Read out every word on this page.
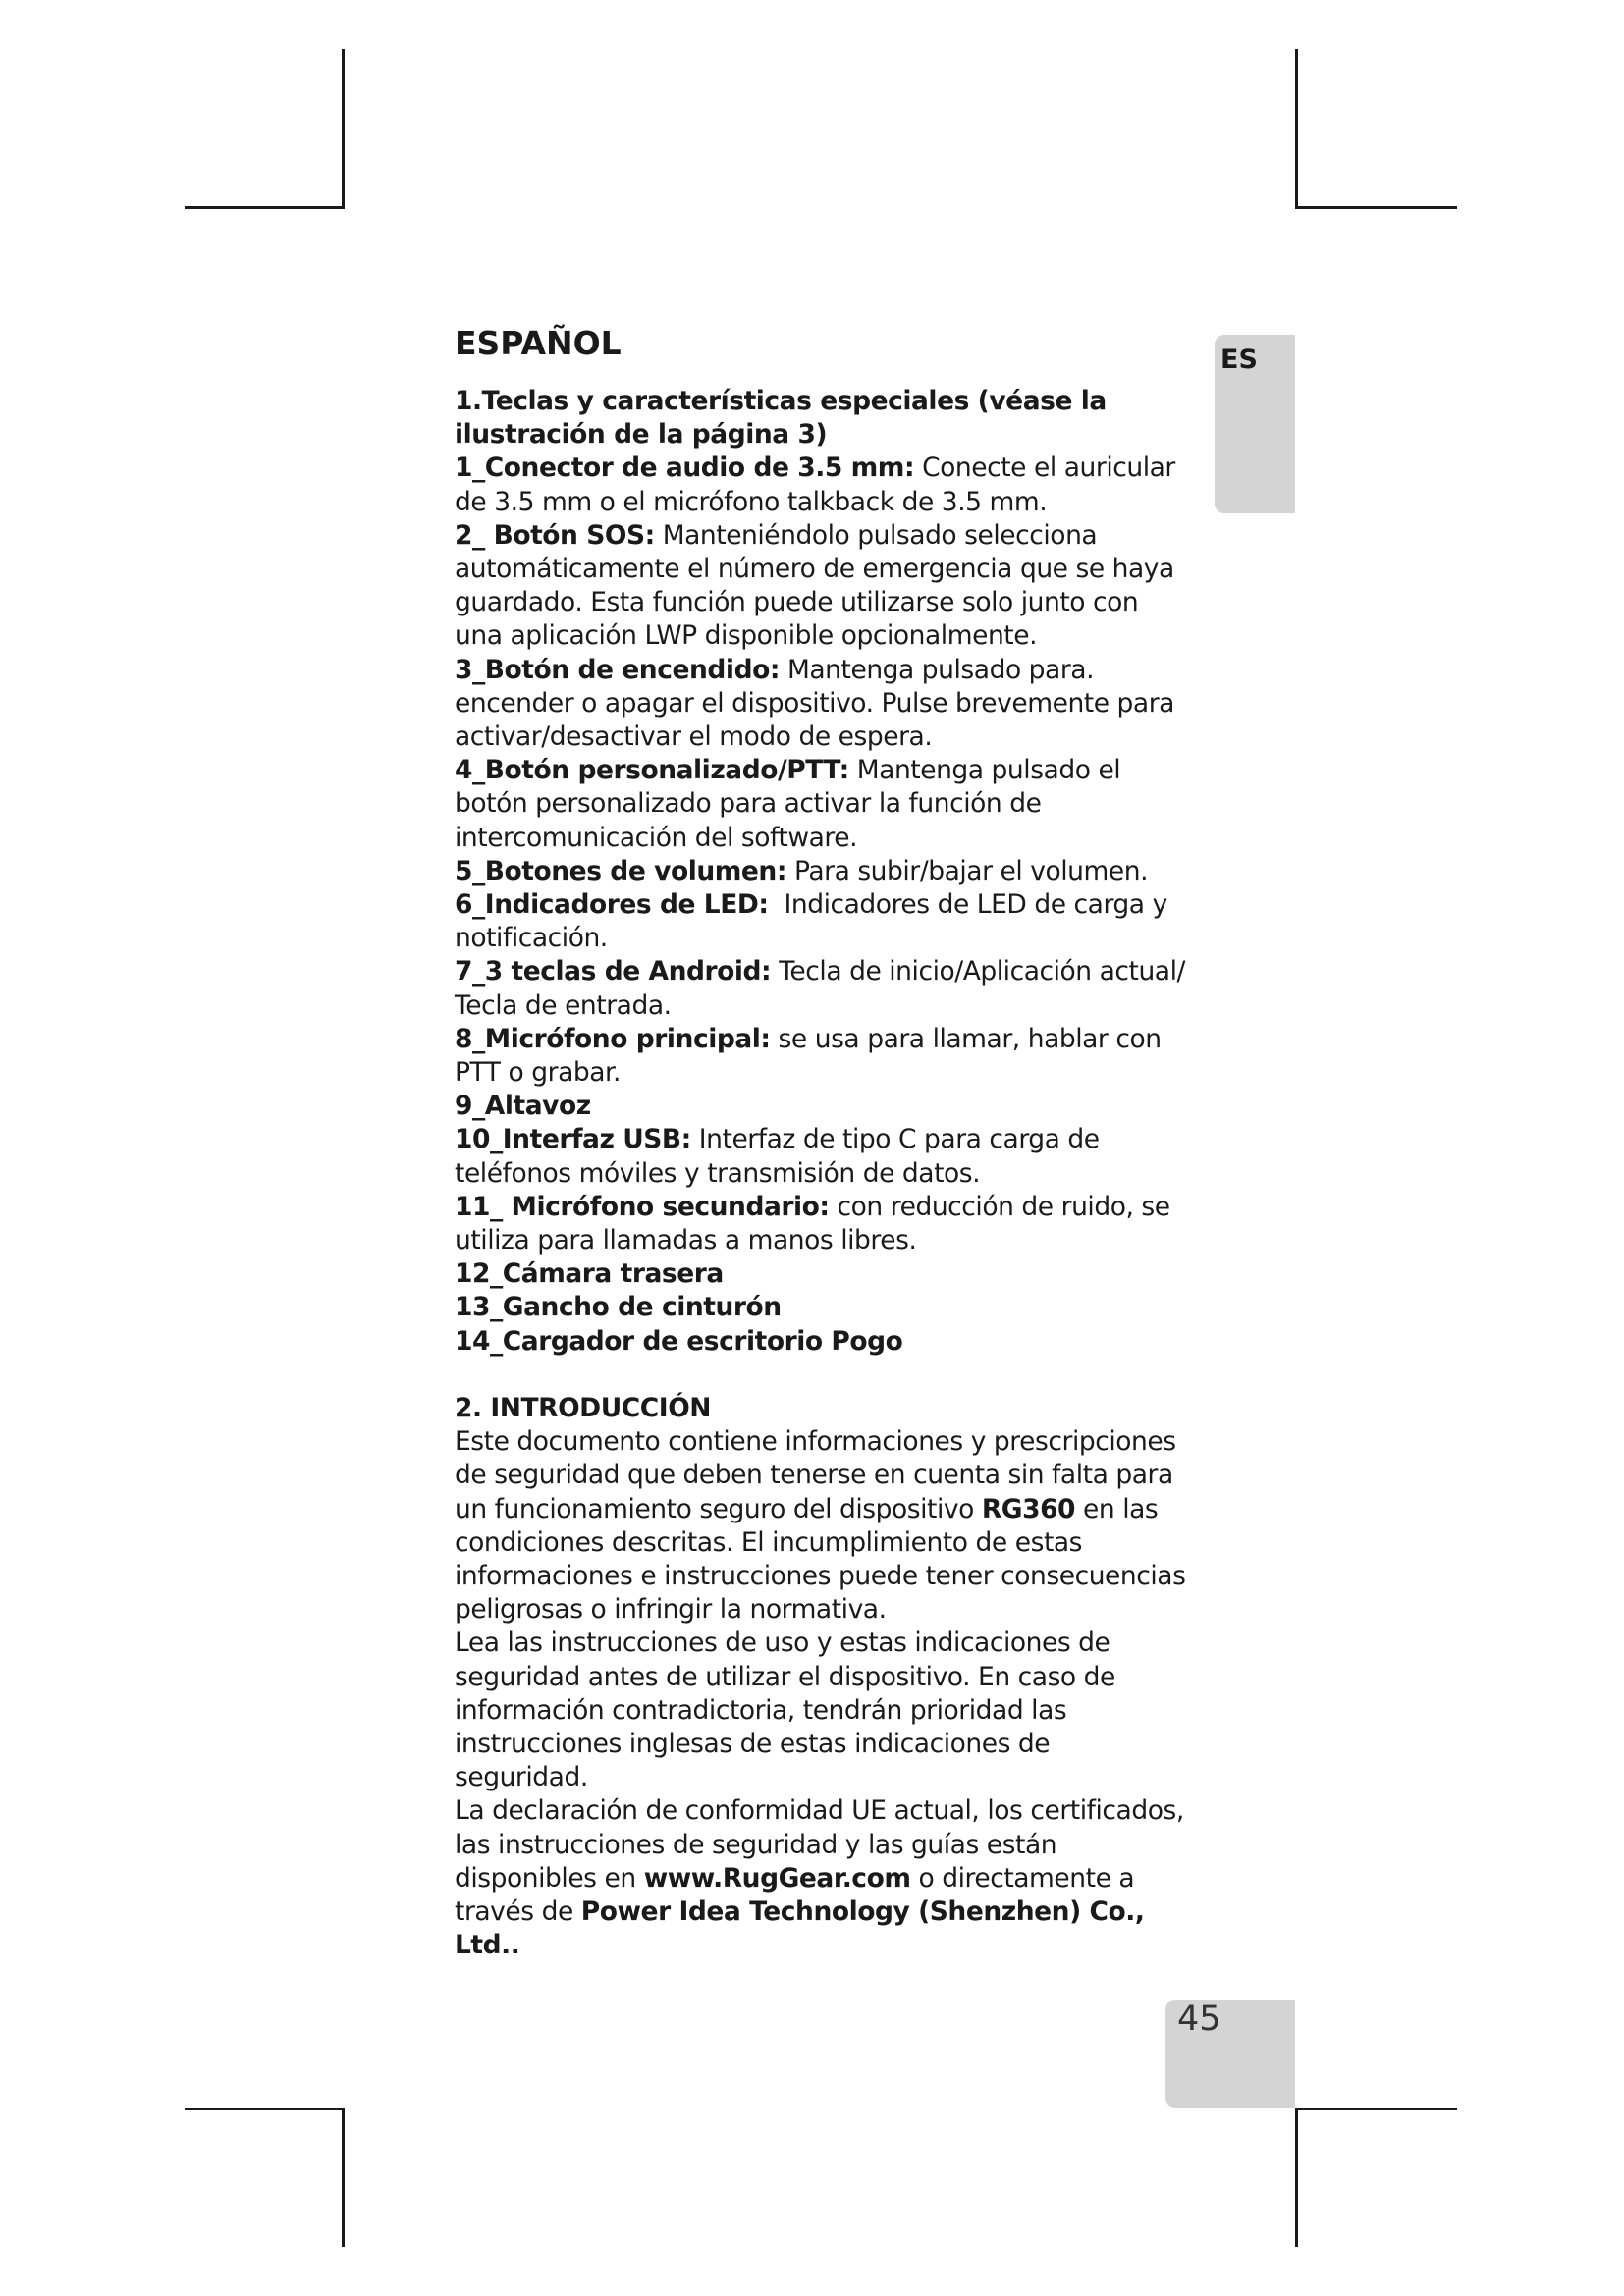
ES
45

ESPAÑOL

1.Teclas y características especiales (véase la ilustración de la página 3)

1_Conector de audio de 3.5 mm: Conecte el auricular de 3.5 mm o el micrófono talkback de 3.5 mm.

2_ Botón SOS: Manteniéndolo pulsado selecciona automáticamente el número de emergencia que se haya guardado. Esta función puede utilizarse solo junto con una aplicación LWP disponible opcionalmente.

3_Botón de encendido: Mantenga pulsado para. encender o apagar el dispositivo. Pulse brevemente para activar/desactivar el modo de espera.

4_Botón personalizado/PTT: Mantenga pulsado el botón personalizado para activar la función de intercomunicación del software.

5_Botones de volumen: Para subir/bajar el volumen.

6_Indicadores de LED:  Indicadores de LED de carga y notificación.

7_3 teclas de Android: Tecla de inicio/Aplicación actual/ Tecla de entrada.

8_Micrófono principal: se usa para llamar, hablar con PTT o grabar.

9_Altavoz

10_Interfaz USB: Interfaz de tipo C para carga de teléfonos móviles y transmisión de datos.

11_ Micrófono secundario: con reducción de ruido, se utiliza para llamadas a manos libres.

12_Cámara trasera

13_Gancho de cinturón

14_Cargador de escritorio Pogo

2. INTRODUCCIÓN

Este documento contiene informaciones y prescripciones de seguridad que deben tenerse en cuenta sin falta para un funcionamiento seguro del dispositivo RG360 en las condiciones descritas. El incumplimiento de estas informaciones e instrucciones puede tener consecuencias peligrosas o infringir la normativa.

Lea las instrucciones de uso y estas indicaciones de seguridad antes de utilizar el dispositivo. En caso de información contradictoria, tendrán prioridad las instrucciones inglesas de estas indicaciones de seguridad.

La declaración de conformidad UE actual, los certificados, las instrucciones de seguridad y las guías están disponibles en www.RugGear.com o directamente a través de Power Idea Technology (Shenzhen) Co., Ltd..
